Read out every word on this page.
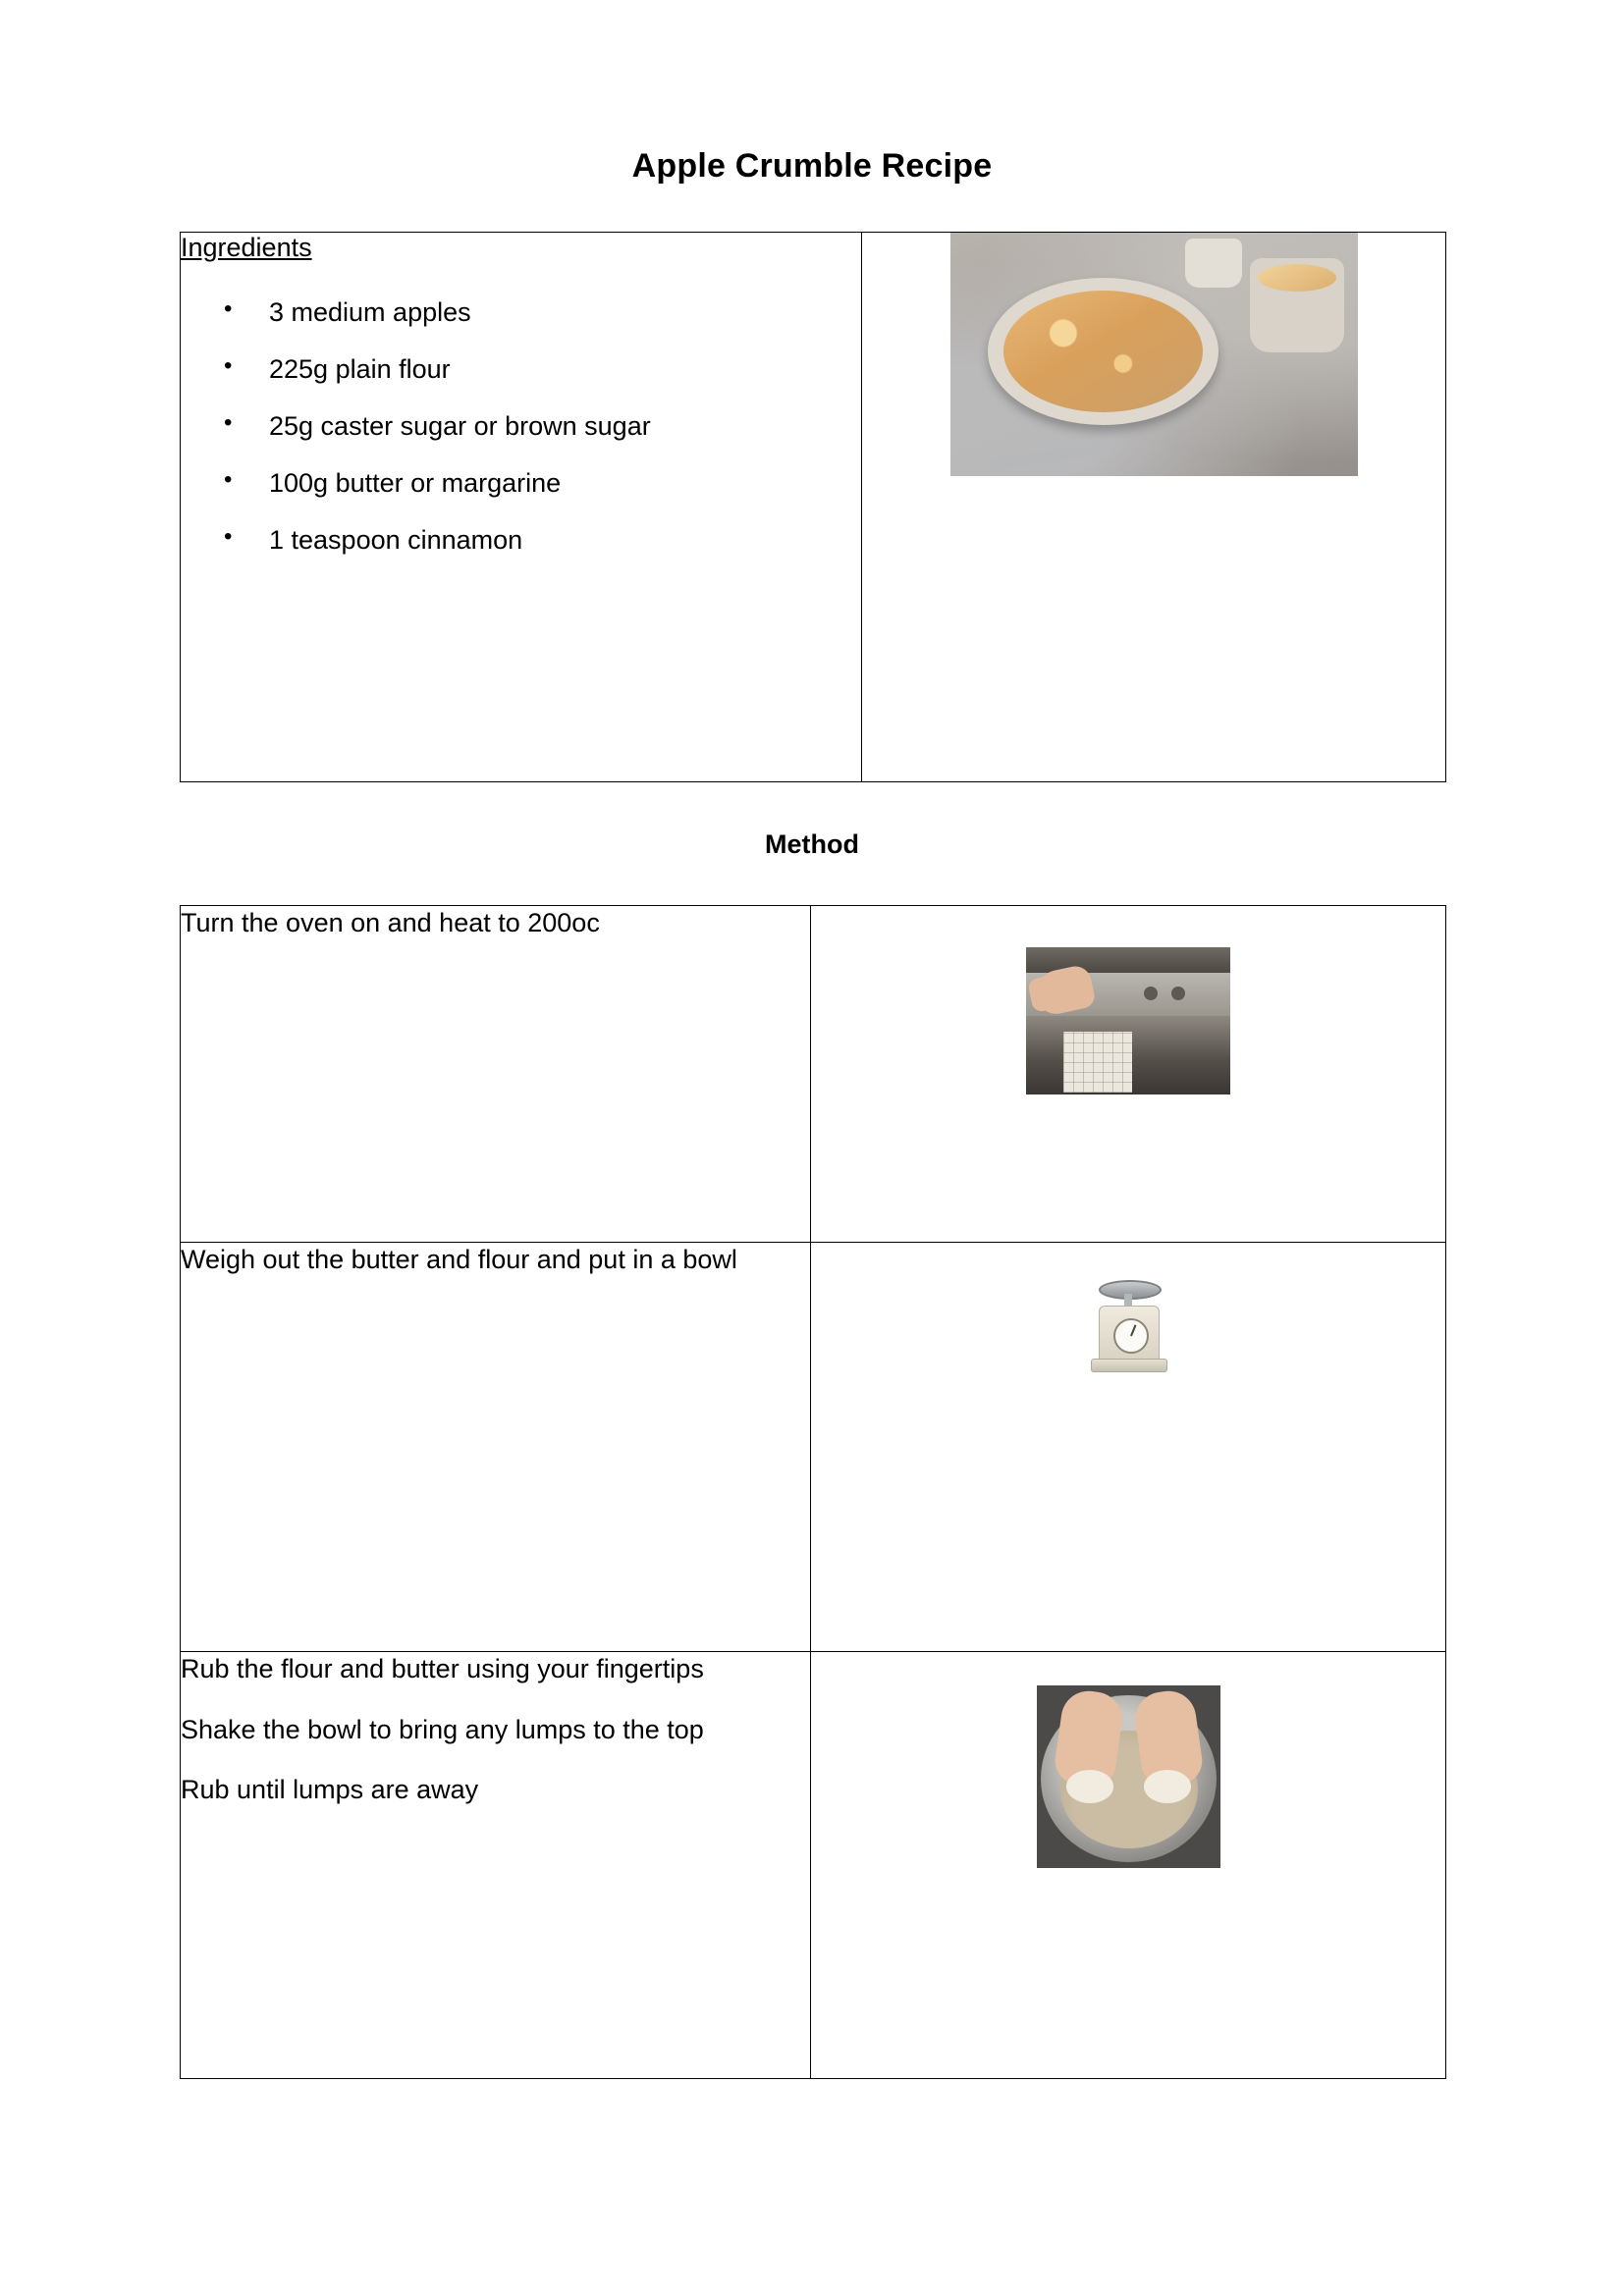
Apple Crumble Recipe
Ingredients
• 3 medium apples
• 225g plain flour
• 25g caster sugar or brown sugar
• 100g butter or margarine
• 1 teaspoon cinnamon

Method

Turn the oven on and heat to 200oc	

Weigh out the butter and flour and put in a bowl	

Rub the flour and butter using your fingertips

Shake the bowl to bring any lumps to the top

Rub until lumps are away	
